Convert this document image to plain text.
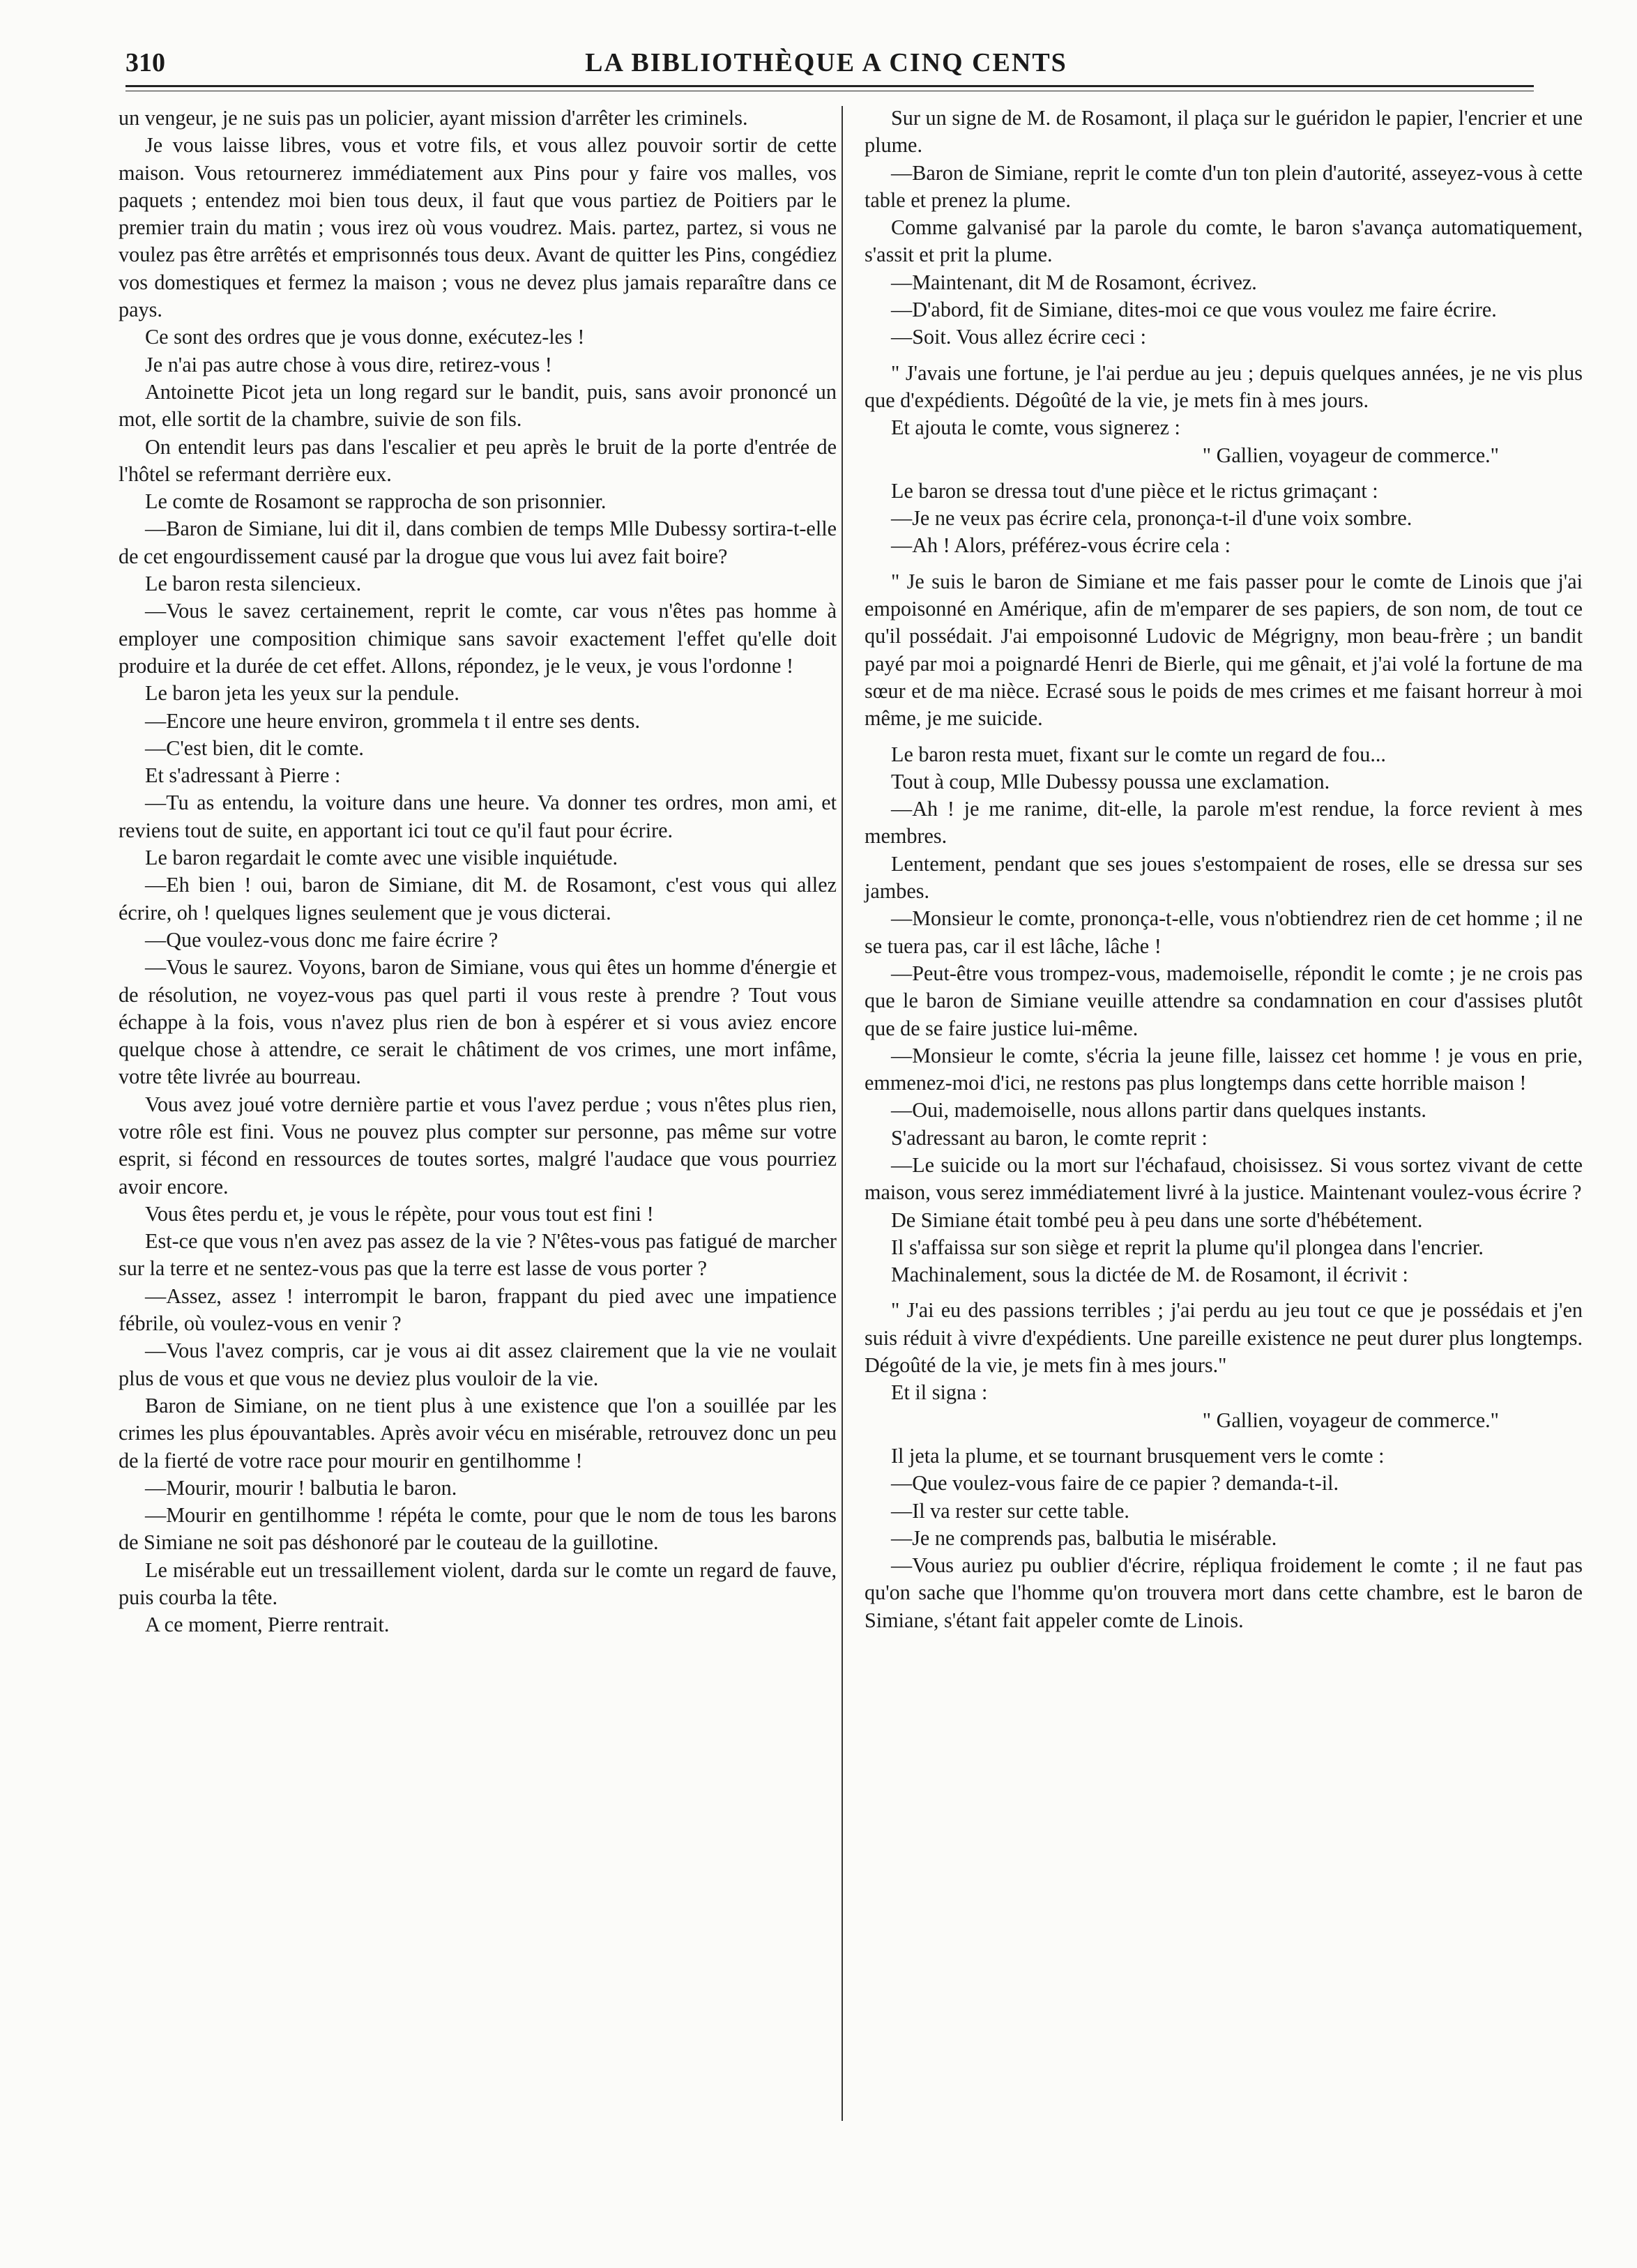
310	LA BIBLIOTHÈQUE A CINQ CENTS

un vengeur, je ne suis pas un policier, ayant mission d'arrêter les criminels.

Je vous laisse libres, vous et votre fils, et vous allez pouvoir sortir de cette maison. Vous retournerez immédiatement aux Pins pour y faire vos malles, vos paquets ; entendez moi bien tous deux, il faut que vous partiez de Poitiers par le premier train du matin ; vous irez où vous voudrez. Mais. partez, partez, si vous ne voulez pas être arrêtés et emprisonnés tous deux. Avant de quitter les Pins, congédiez vos domestiques et fermez la maison ; vous ne devez plus jamais reparaître dans ce pays.

Ce sont des ordres que je vous donne, exécutez-les !

Je n'ai pas autre chose à vous dire, retirez-vous !

Antoinette Picot jeta un long regard sur le bandit, puis, sans avoir prononcé un mot, elle sortit de la chambre, suivie de son fils.

On entendit leurs pas dans l'escalier et peu après le bruit de la porte d'entrée de l'hôtel se refermant derrière eux.

Le comte de Rosamont se rapprocha de son prisonnier.

—Baron de Simiane, lui dit il, dans combien de temps Mlle Dubessy sortira-t-elle de cet engourdissement causé par la drogue que vous lui avez fait boire?

Le baron resta silencieux.

—Vous le savez certainement, reprit le comte, car vous n'êtes pas homme à employer une composition chimique sans savoir exactement l'effet qu'elle doit produire et la durée de cet effet. Allons, répondez, je le veux, je vous l'ordonne !

Le baron jeta les yeux sur la pendule.

—Encore une heure environ, grommela t il entre ses dents.

—C'est bien, dit le comte.

Et s'adressant à Pierre :

—Tu as entendu, la voiture dans une heure. Va donner tes ordres, mon ami, et reviens tout de suite, en apportant ici tout ce qu'il faut pour écrire.

Le baron regardait le comte avec une visible inquiétude.

—Eh bien ! oui, baron de Simiane, dit M. de Rosamont, c'est vous qui allez écrire, oh ! quelques lignes seulement que je vous dicterai.

—Que voulez-vous donc me faire écrire ?

—Vous le saurez. Voyons, baron de Simiane, vous qui êtes un homme d'énergie et de résolution, ne voyez-vous pas quel parti il vous reste à prendre ? Tout vous échappe à la fois, vous n'avez plus rien de bon à espérer et si vous aviez encore quelque chose à attendre, ce serait le châtiment de vos crimes, une mort infâme, votre tête livrée au bourreau.

Vous avez joué votre dernière partie et vous l'avez perdue ; vous n'êtes plus rien, votre rôle est fini. Vous ne pouvez plus compter sur personne, pas même sur votre esprit, si fécond en ressources de toutes sortes, malgré l'audace que vous pourriez avoir encore.

Vous êtes perdu et, je vous le répète, pour vous tout est fini !

Est-ce que vous n'en avez pas assez de la vie ? N'êtes-vous pas fatigué de marcher sur la terre et ne sentez-vous pas que la terre est lasse de vous porter ?

—Assez, assez ! interrompit le baron, frappant du pied avec une impatience fébrile, où voulez-vous en venir ?

—Vous l'avez compris, car je vous ai dit assez clairement que la vie ne voulait plus de vous et que vous ne deviez plus vouloir de la vie.

Baron de Simiane, on ne tient plus à une existence que l'on a souillée par les crimes les plus épouvantables. Après avoir vécu en misérable, retrouvez donc un peu de la fierté de votre race pour mourir en gentilhomme !

—Mourir, mourir ! balbutia le baron.

—Mourir en gentilhomme ! répéta le comte, pour que le nom de tous les barons de Simiane ne soit pas déshonoré par le couteau de la guillotine.

Le misérable eut un tressaillement violent, darda sur le comte un regard de fauve, puis courba la tête.

A ce moment, Pierre rentrait.

Sur un signe de M. de Rosamont, il plaça sur le guéridon le papier, l'encrier et une plume.

—Baron de Simiane, reprit le comte d'un ton plein d'autorité, asseyez-vous à cette table et prenez la plume.

Comme galvanisé par la parole du comte, le baron s'avança automatiquement, s'assit et prit la plume.

—Maintenant, dit M de Rosamont, écrivez.

—D'abord, fit de Simiane, dites-moi ce que vous voulez me faire écrire.

—Soit. Vous allez écrire ceci :

" J'avais une fortune, je l'ai perdue au jeu ; depuis quelques années, je ne vis plus que d'expédients. Dégoûté de la vie, je mets fin à mes jours.

Et ajouta le comte, vous signerez :

" Gallien, voyageur de commerce."

Le baron se dressa tout d'une pièce et le rictus grimaçant :

—Je ne veux pas écrire cela, prononça-t-il d'une voix sombre.

—Ah ! Alors, préférez-vous écrire cela :

" Je suis le baron de Simiane et me fais passer pour le comte de Linois que j'ai empoisonné en Amérique, afin de m'emparer de ses papiers, de son nom, de tout ce qu'il possédait. J'ai empoisonné Ludovic de Mégrigny, mon beau-frère ; un bandit payé par moi a poignardé Henri de Bierle, qui me gênait, et j'ai volé la fortune de ma sœur et de ma nièce. Ecrasé sous le poids de mes crimes et me faisant horreur à moi même, je me suicide.

Le baron resta muet, fixant sur le comte un regard de fou...

Tout à coup, Mlle Dubessy poussa une exclamation.

—Ah ! je me ranime, dit-elle, la parole m'est rendue, la force revient à mes membres.

Lentement, pendant que ses joues s'estompaient de roses, elle se dressa sur ses jambes.

—Monsieur le comte, prononça-t-elle, vous n'obtiendrez rien de cet homme ; il ne se tuera pas, car il est lâche, lâche !

—Peut-être vous trompez-vous, mademoiselle, répondit le comte ; je ne crois pas que le baron de Simiane veuille attendre sa condamnation en cour d'assises plutôt que de se faire justice lui-même.

—Monsieur le comte, s'écria la jeune fille, laissez cet homme ! je vous en prie, emmenez-moi d'ici, ne restons pas plus longtemps dans cette horrible maison !

—Oui, mademoiselle, nous allons partir dans quelques instants.

S'adressant au baron, le comte reprit :

—Le suicide ou la mort sur l'échafaud, choisissez. Si vous sortez vivant de cette maison, vous serez immédiatement livré à la justice. Maintenant voulez-vous écrire ?

De Simiane était tombé peu à peu dans une sorte d'hébétement.

Il s'affaissa sur son siège et reprit la plume qu'il plongea dans l'encrier.

Machinalement, sous la dictée de M. de Rosamont, il écrivit :

" J'ai eu des passions terribles ; j'ai perdu au jeu tout ce que je possédais et j'en suis réduit à vivre d'expédients. Une pareille existence ne peut durer plus longtemps. Dégoûté de la vie, je mets fin à mes jours."

Et il signa :

" Gallien, voyageur de commerce."

Il jeta la plume, et se tournant brusquement vers le comte :

—Que voulez-vous faire de ce papier ? demanda-t-il.

—Il va rester sur cette table.

—Je ne comprends pas, balbutia le misérable.

—Vous auriez pu oublier d'écrire, répliqua froidement le comte ; il ne faut pas qu'on sache que l'homme qu'on trouvera mort dans cette chambre, est le baron de Simiane, s'étant fait appeler comte de Linois.
